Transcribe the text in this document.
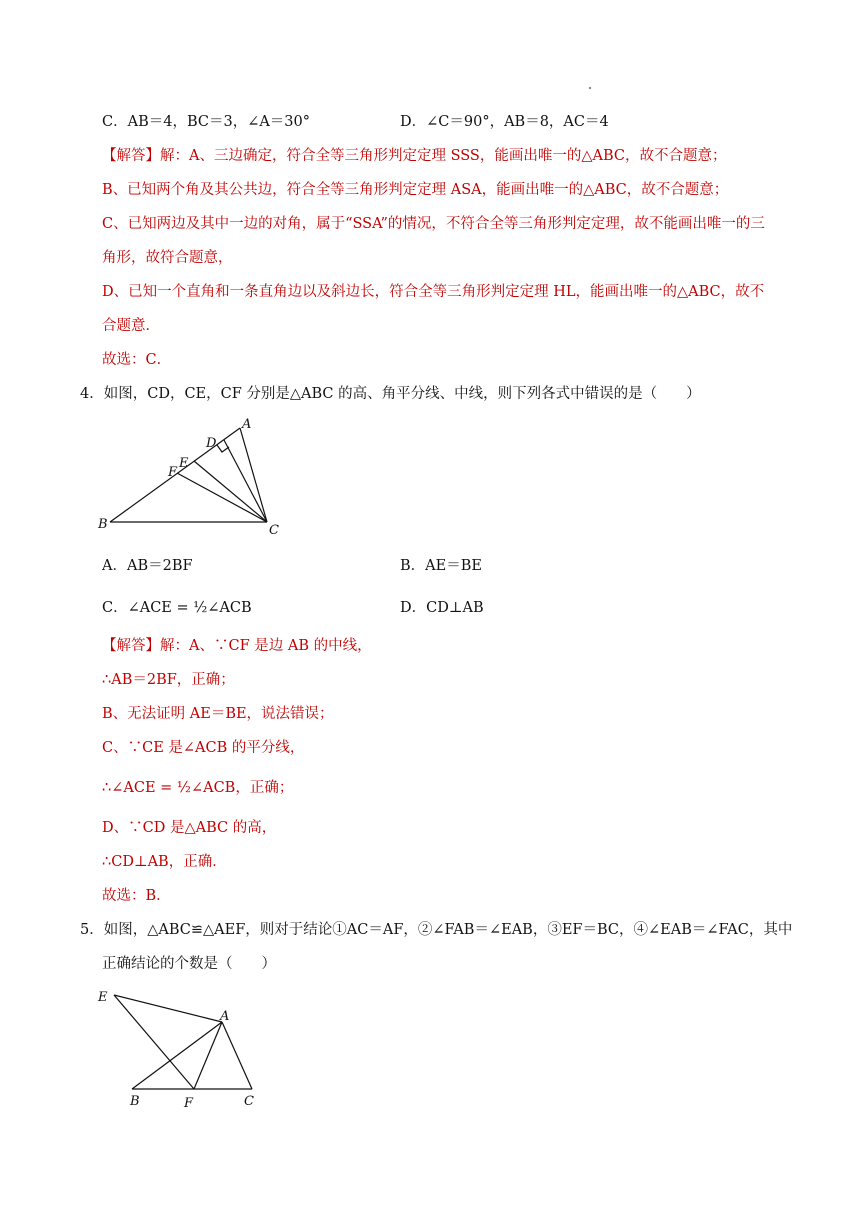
C．AB＝4，BC＝3，∠A＝30°	D．∠C＝90°，AB＝8，AC＝4
【解答】解：A、三边确定，符合全等三角形判定定理 SSS，能画出唯一的△ABC，故不合题意；
B、已知两个角及其公共边，符合全等三角形判定定理 ASA，能画出唯一的△ABC，故不合题意；
C、已知两边及其中一边的对角，属于“SSA”的情况，不符合全等三角形判定定理，故不能画出唯一的三
角形，故符合题意，
D、已知一个直角和一条直角边以及斜边长，符合全等三角形判定定理 HL，能画出唯一的△ABC，故不
合题意．
故选：C．
4．如图，CD，CE，CF 分别是△ABC 的高、角平分线、中线，则下列各式中错误的是（　　）
A
D
E
F
B	C
A．AB＝2BF	B．AE＝BE
C．∠ACE = ½∠ACB	D．CD⊥AB
【解答】解：A、∵CF 是边 AB 的中线，
∴AB＝2BF，正确；
B、无法证明 AE＝BE，说法错误；
C、∵CE 是∠ACB 的平分线，
∴∠ACE = ½∠ACB，正确；
D、∵CD 是△ABC 的高，
∴CD⊥AB，正确．
故选：B．
5．如图，△ABC≌△AEF，则对于结论①AC＝AF，②∠FAB＝∠EAB，③EF＝BC，④∠EAB＝∠FAC，其中
正确结论的个数是（　　）
E
A
B	F	C
